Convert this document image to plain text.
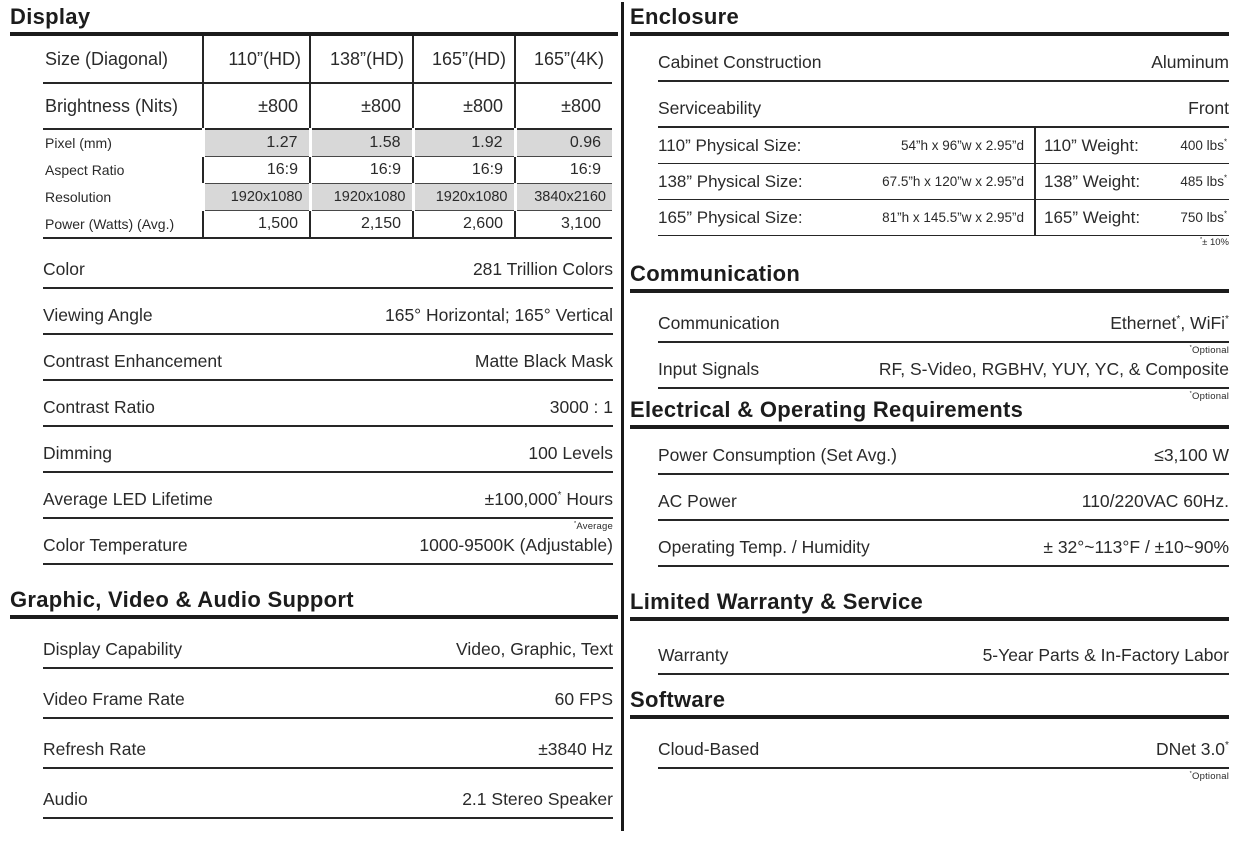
Display
Size (Diagonal)	110”(HD)	138”(HD)	165”(HD)	165”(4K)
Brightness (Nits)	±800	±800	±800	±800
Pixel (mm)	1.27	1.58	1.92	0.96
Aspect Ratio	16:9	16:9	16:9	16:9
Resolution	1920x1080	1920x1080	1920x1080	3840x2160
Power (Watts) (Avg.)	1,500	2,150	2,600	3,100
Color	281 Trillion Colors
Viewing Angle	165° Horizontal; 165° Vertical
Contrast Enhancement	Matte Black Mask
Contrast Ratio	3000 : 1
Dimming	100 Levels
Average LED Lifetime	±100,000* Hours
*Average
Color Temperature	1000-9500K (Adjustable)
Graphic, Video & Audio Support
Display Capability	Video, Graphic, Text
Video Frame Rate	60 FPS
Refresh Rate	±3840 Hz
Audio	2.1 Stereo Speaker
Enclosure
Cabinet Construction	Aluminum
Serviceability	Front
110” Physical Size:	54”h x 96”w x 2.95”d	110” Weight:	400 lbs*
138” Physical Size:	67.5”h x 120”w x 2.95”d	138” Weight:	485 lbs*
165” Physical Size:	81”h x 145.5”w x 2.95”d	165” Weight:	750 lbs*
*± 10%
Communication
Communication	Ethernet*, WiFi*
*Optional
Input Signals	RF, S-Video, RGBHV, YUY, YC, & Composite
*Optional
Electrical & Operating Requirements
Power Consumption (Set Avg.)	≤3,100 W
AC Power	110/220VAC 60Hz.
Operating Temp. / Humidity	± 32°~113°F / ±10~90%
Limited Warranty & Service
Warranty	5-Year Parts & In-Factory Labor
Software
Cloud-Based	DNet 3.0*
*Optional
